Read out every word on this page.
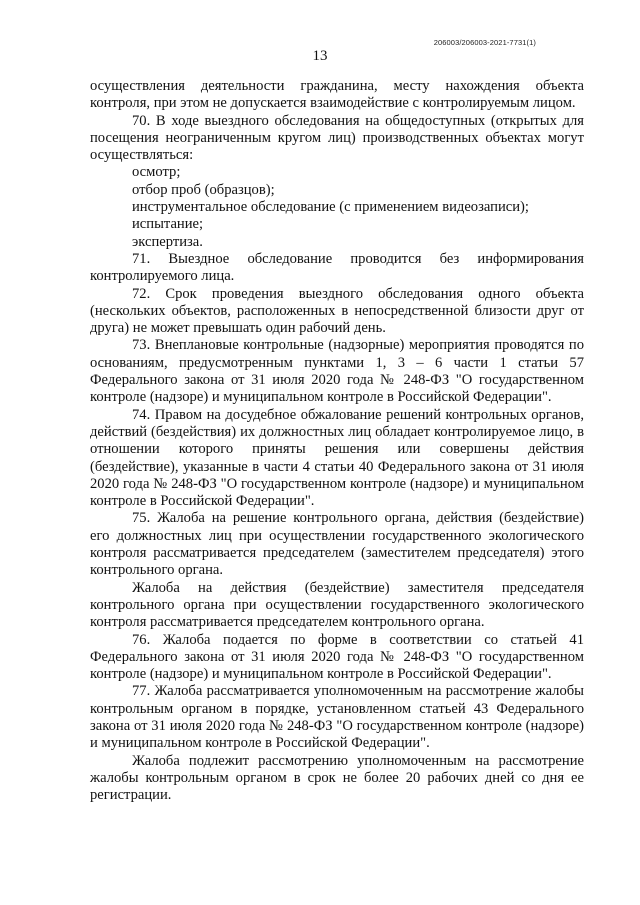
206003/206003-2021-7731(1)
13

осуществления деятельности гражданина, месту нахождения объекта контроля, при этом не допускается взаимодействие с контролируемым лицом.

70. В ходе выездного обследования на общедоступных (открытых для посещения неограниченным кругом лиц) производственных объектах могут осуществляться:

осмотр;

отбор проб (образцов);

инструментальное обследование (с применением видеозаписи);

испытание;

экспертиза.

71. Выездное обследование проводится без информирования контролируемого лица.

72. Срок проведения выездного обследования одного объекта (нескольких объектов, расположенных в непосредственной близости друг от друга) не может превышать один рабочий день.

73. Внеплановые контрольные (надзорные) мероприятия проводятся по основаниям, предусмотренным пунктами 1, 3 – 6 части 1 статьи 57 Федерального закона от 31 июля 2020 года № 248-ФЗ "О государственном контроле (надзоре) и муниципальном контроле в Российской Федерации".

74. Правом на досудебное обжалование решений контрольных органов, действий (бездействия) их должностных лиц обладает контролируемое лицо, в отношении которого приняты решения или совершены действия (бездействие), указанные в части 4 статьи 40 Федерального закона от 31 июля 2020 года № 248-ФЗ "О государственном контроле (надзоре) и муниципальном контроле в Российской Федерации".

75. Жалоба на решение контрольного органа, действия (бездействие) его должностных лиц при осуществлении государственного экологического контроля рассматривается председателем (заместителем председателя) этого контрольного органа.

Жалоба на действия (бездействие) заместителя председателя контрольного органа при осуществлении государственного экологического контроля рассматривается председателем контрольного органа.

76. Жалоба подается по форме в соответствии со статьей 41 Федерального закона от 31 июля 2020 года № 248-ФЗ "О государственном контроле (надзоре) и муниципальном контроле в Российской Федерации".

77. Жалоба рассматривается уполномоченным на рассмотрение жалобы контрольным органом в порядке, установленном статьей 43 Федерального закона от 31 июля 2020 года № 248-ФЗ "О государственном контроле (надзоре) и муниципальном контроле в Российской Федерации".

Жалоба подлежит рассмотрению уполномоченным на рассмотрение жалобы контрольным органом в срок не более 20 рабочих дней со дня ее регистрации.
